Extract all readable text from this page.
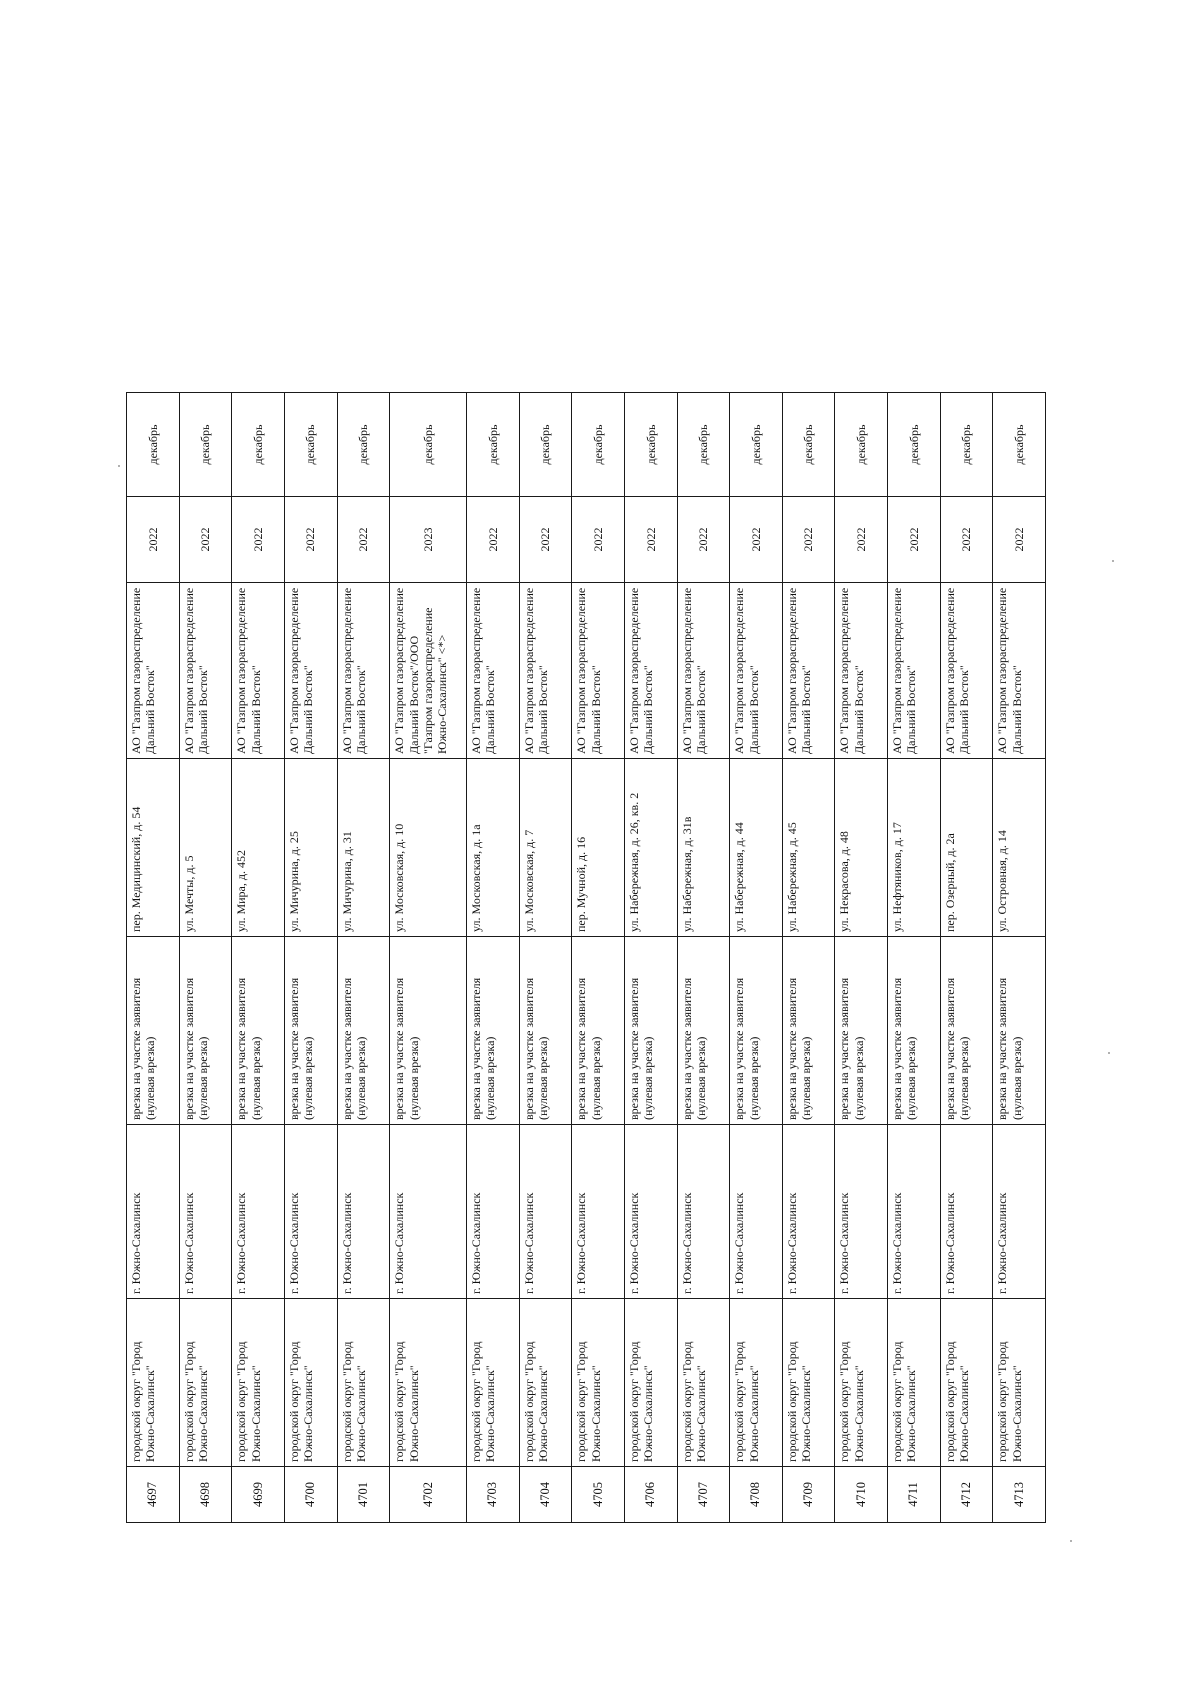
4697	городской округ "Город Южно-Сахалинск"	г. Южно-Сахалинск	врезка на участке заявителя (нулевая врезка)	пер. Медицинский, д. 54	АО "Газпром газораспределение Дальний Восток"	2022	декабрь
4698	городской округ "Город Южно-Сахалинск"	г. Южно-Сахалинск	врезка на участке заявителя (нулевая врезка)	ул. Мечты, д. 5	АО "Газпром газораспределение Дальний Восток"	2022	декабрь
4699	городской округ "Город Южно-Сахалинск"	г. Южно-Сахалинск	врезка на участке заявителя (нулевая врезка)	ул. Мира, д. 452	АО "Газпром газораспределение Дальний Восток"	2022	декабрь
4700	городской округ "Город Южно-Сахалинск"	г. Южно-Сахалинск	врезка на участке заявителя (нулевая врезка)	ул. Мичурина, д. 25	АО "Газпром газораспределение Дальний Восток"	2022	декабрь
4701	городской округ "Город Южно-Сахалинск"	г. Южно-Сахалинск	врезка на участке заявителя (нулевая врезка)	ул. Мичурина, д. 31	АО "Газпром газораспределение Дальний Восток"	2022	декабрь
4702	городской округ "Город Южно-Сахалинск"	г. Южно-Сахалинск	врезка на участке заявителя (нулевая врезка)	ул. Московская, д. 10	АО "Газпром газораспределение Дальний Восток"/ООО "Газпром газораспределение Южно-Сахалинск" <*>	2023	декабрь
4703	городской округ "Город Южно-Сахалинск"	г. Южно-Сахалинск	врезка на участке заявителя (нулевая врезка)	ул. Московская, д. 1а	АО "Газпром газораспределение Дальний Восток"	2022	декабрь
4704	городской округ "Город Южно-Сахалинск"	г. Южно-Сахалинск	врезка на участке заявителя (нулевая врезка)	ул. Московская, д. 7	АО "Газпром газораспределение Дальний Восток"	2022	декабрь
4705	городской округ "Город Южно-Сахалинск"	г. Южно-Сахалинск	врезка на участке заявителя (нулевая врезка)	пер. Мучной, д. 16	АО "Газпром газораспределение Дальний Восток"	2022	декабрь
4706	городской округ "Город Южно-Сахалинск"	г. Южно-Сахалинск	врезка на участке заявителя (нулевая врезка)	ул. Набережная, д. 26, кв. 2	АО "Газпром газораспределение Дальний Восток"	2022	декабрь
4707	городской округ "Город Южно-Сахалинск"	г. Южно-Сахалинск	врезка на участке заявителя (нулевая врезка)	ул. Набережная, д. 31в	АО "Газпром газораспределение Дальний Восток"	2022	декабрь
4708	городской округ "Город Южно-Сахалинск"	г. Южно-Сахалинск	врезка на участке заявителя (нулевая врезка)	ул. Набережная, д. 44	АО "Газпром газораспределение Дальний Восток"	2022	декабрь
4709	городской округ "Город Южно-Сахалинск"	г. Южно-Сахалинск	врезка на участке заявителя (нулевая врезка)	ул. Набережная, д. 45	АО "Газпром газораспределение Дальний Восток"	2022	декабрь
4710	городской округ "Город Южно-Сахалинск"	г. Южно-Сахалинск	врезка на участке заявителя (нулевая врезка)	ул. Некрасова, д. 48	АО "Газпром газораспределение Дальний Восток"	2022	декабрь
4711	городской округ "Город Южно-Сахалинск"	г. Южно-Сахалинск	врезка на участке заявителя (нулевая врезка)	ул. Нефтяников, д. 17	АО "Газпром газораспределение Дальний Восток"	2022	декабрь
4712	городской округ "Город Южно-Сахалинск"	г. Южно-Сахалинск	врезка на участке заявителя (нулевая врезка)	пер. Озерный, д. 2а	АО "Газпром газораспределение Дальний Восток"	2022	декабрь
4713	городской округ "Город Южно-Сахалинск"	г. Южно-Сахалинск	врезка на участке заявителя (нулевая врезка)	ул. Островная, д. 14	АО "Газпром газораспределение Дальний Восток"	2022	декабрь
